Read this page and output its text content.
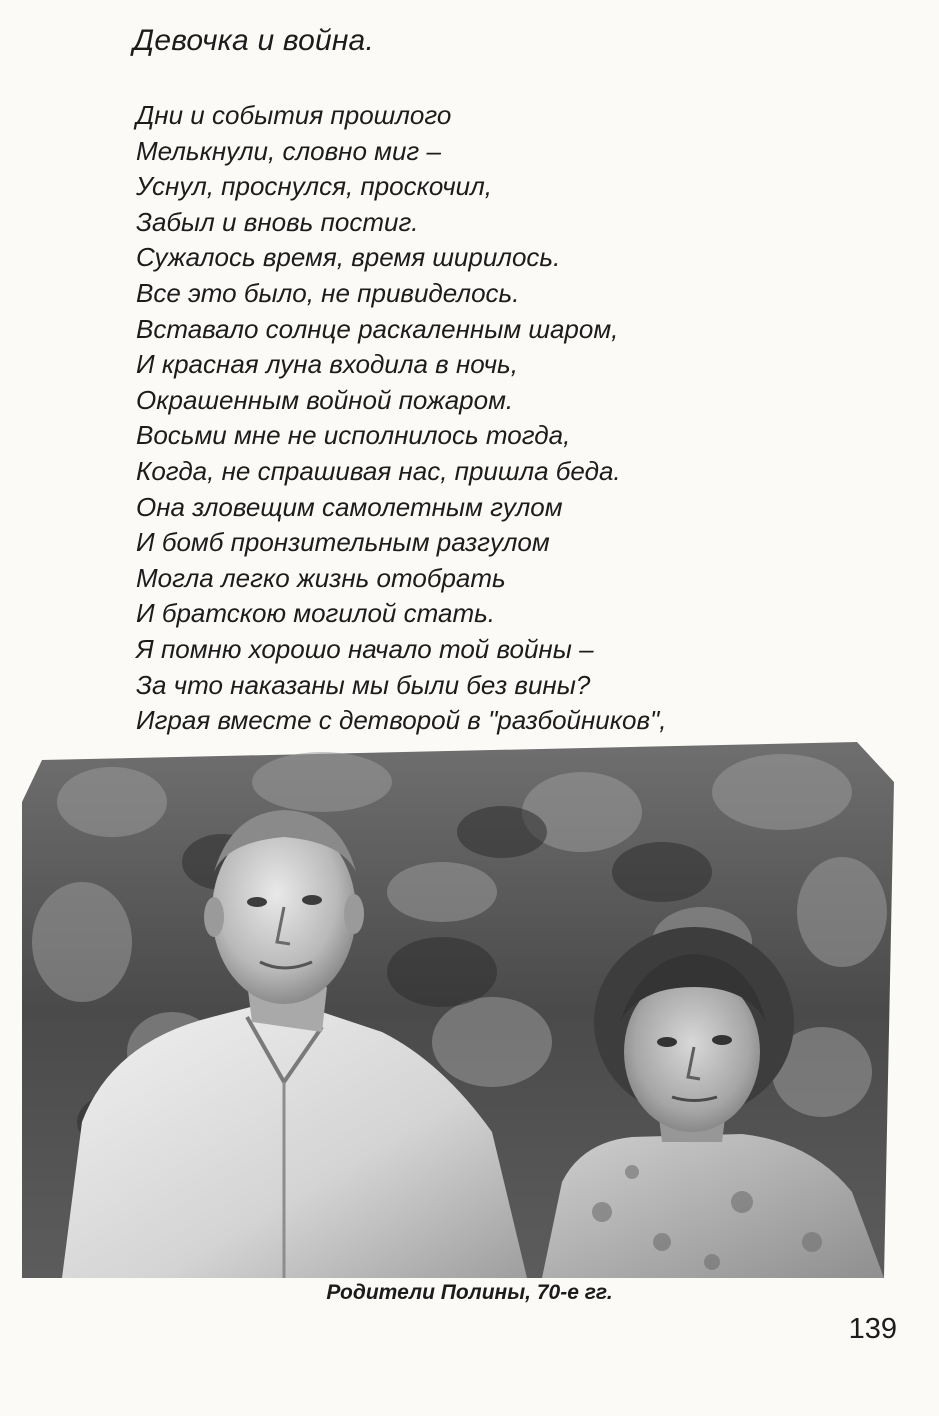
Девочка и война.
Дни и события прошлого
Мелькнули, словно миг –
Уснул, проснулся, проскочил,
Забыл и вновь постиг.
Сужалось время, время ширилось.
Все это было, не привиделось.
Вставало солнце раскаленным шаром,
И красная луна входила в ночь,
Окрашенным войной пожаром.
Восьми мне не исполнилось тогда,
Когда, не спрашивая нас, пришла беда.
Она зловещим самолетным гулом
И бомб пронзительным разгулом
Могла легко жизнь отобрать
И братскою могилой стать.
Я помню хорошо начало той войны –
За что наказаны мы были без вины?
Играя вместе с детворой в "разбойников",
Родители Полины, 70-е гг.
139
